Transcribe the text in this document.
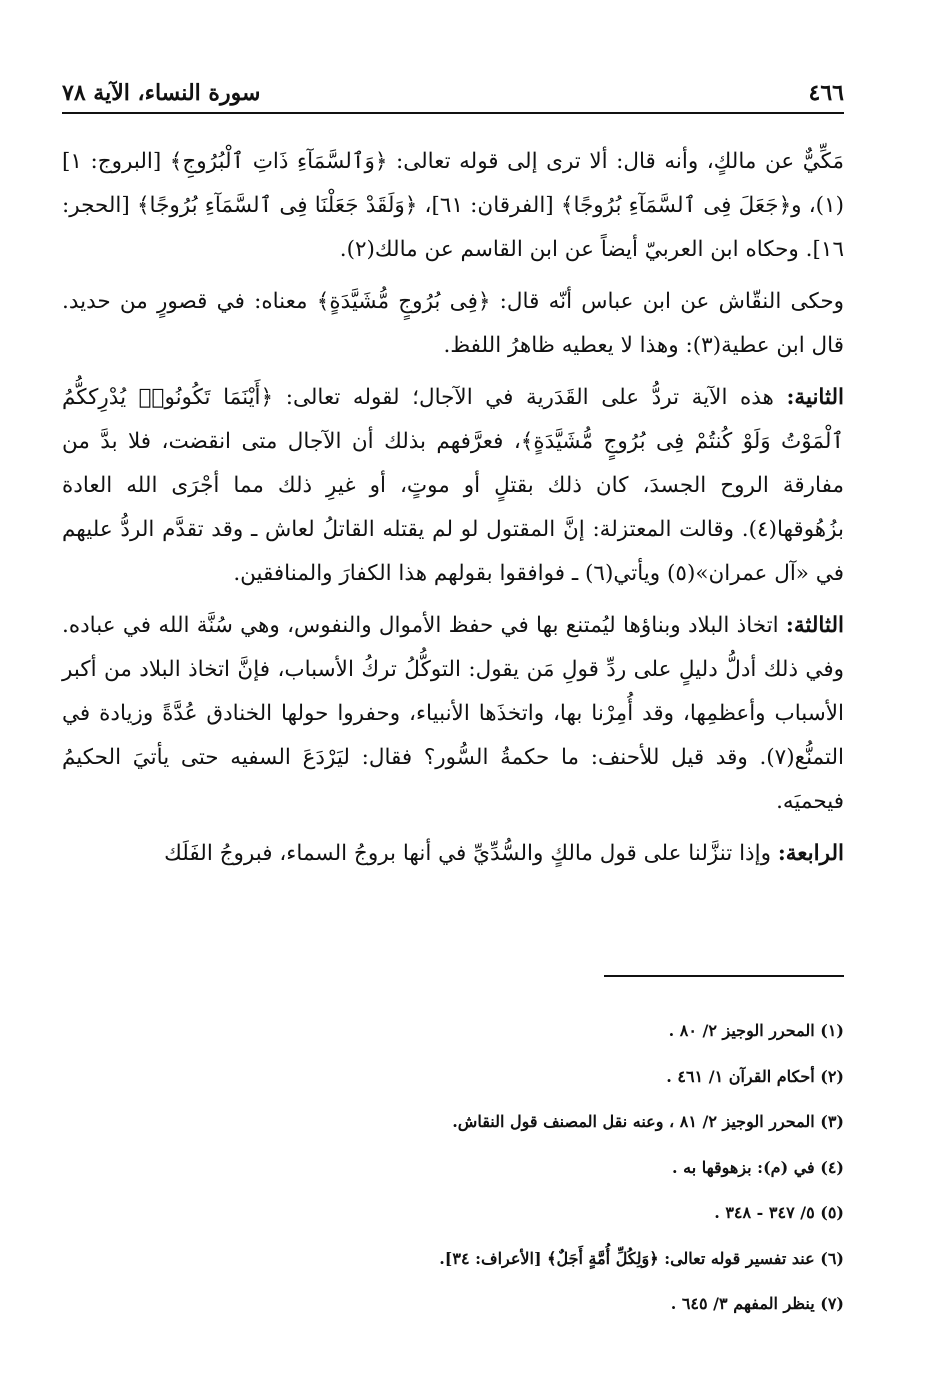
٤٦٦
سورة النساء، الآية ٧٨

مَكِّيٌّ عن مالكٍ، وأنه قال: ألا ترى إلى قوله تعالى: ﴿وَٱلسَّمَآءِ ذَاتِ ٱلْبُرُوجِ﴾ [البروج: ١](١)، و﴿جَعَلَ فِى ٱلسَّمَآءِ بُرُوجًا﴾ [الفرقان: ٦١]، ﴿وَلَقَدْ جَعَلْنَا فِى ٱلسَّمَآءِ بُرُوجًا﴾ [الحجر: ١٦]. وحكاه ابن العربيّ أيضاً عن ابن القاسم عن مالك(٢).

وحكى النقّاش عن ابن عباس أنّه قال: ﴿فِى بُرُوجٍ مُّشَيَّدَةٍ﴾ معناه: في قصورٍ من حديد. قال ابن عطية(٣): وهذا لا يعطيه ظاهرُ اللفظ.

الثانية: هذه الآية تردُّ على القَدَرية في الآجال؛ لقوله تعالى: ﴿أَيْنَمَا تَكُونُوا۟ يُدْرِككُّمُ ٱلْمَوْتُ وَلَوْ كُنتُمْ فِى بُرُوجٍ مُّشَيَّدَةٍ﴾، فعرَّفهم بذلك أن الآجال متى انقضت، فلا بدَّ من مفارقة الروح الجسدَ، كان ذلك بقتلٍ أو موتٍ، أو غيرِ ذلك مما أجْرَى الله العادة بزُهُوقها(٤). وقالت المعتزلة: إنَّ المقتول لو لم يقتله القاتلُ لعاش ـ وقد تقدَّم الردُّ عليهم في «آل عمران»(٥) ويأتي(٦) ـ فوافقوا بقولهم هذا الكفارَ والمنافقين.

الثالثة: اتخاذ البلاد وبناؤها ليُمتنع بها في حفظ الأموال والنفوس، وهي سُنَّة الله في عباده. وفي ذلك أدلُّ دليلٍ على ردِّ قولِ مَن يقول: التوكُّلُ تركُ الأسباب، فإنَّ اتخاذ البلاد من أكبر الأسباب وأعظمِها، وقد أُمِرْنا بها، واتخذَها الأنبياء، وحفروا حولها الخنادق عُدَّةً وزيادة في التمنُّع(٧). وقد قيل للأحنف: ما حكمةُ السُّور؟ فقال: ليَرْدَعَ السفيه حتى يأتيَ الحكيمُ فيحميَه.

الرابعة: وإذا تنزَّلنا على قول مالكٍ والسُّدِّيِّ في أنها بروجُ السماء، فبروجُ الفَلَك

(١) المحرر الوجيز ٢/ ٨٠ .
(٢) أحكام القرآن ١/ ٤٦١ .
(٣) المحرر الوجيز ٢/ ٨١ ، وعنه نقل المصنف قول النقاش.
(٤) في (م): بزهوقها به .
(٥) ٥/ ٣٤٧ - ٣٤٨ .
(٦) عند تفسير قوله تعالى: ﴿وَلِكُلِّ أُمَّةٍ أَجَلٌ﴾ [الأعراف: ٣٤].
(٧) ينظر المفهم ٣/ ٦٤٥ .
